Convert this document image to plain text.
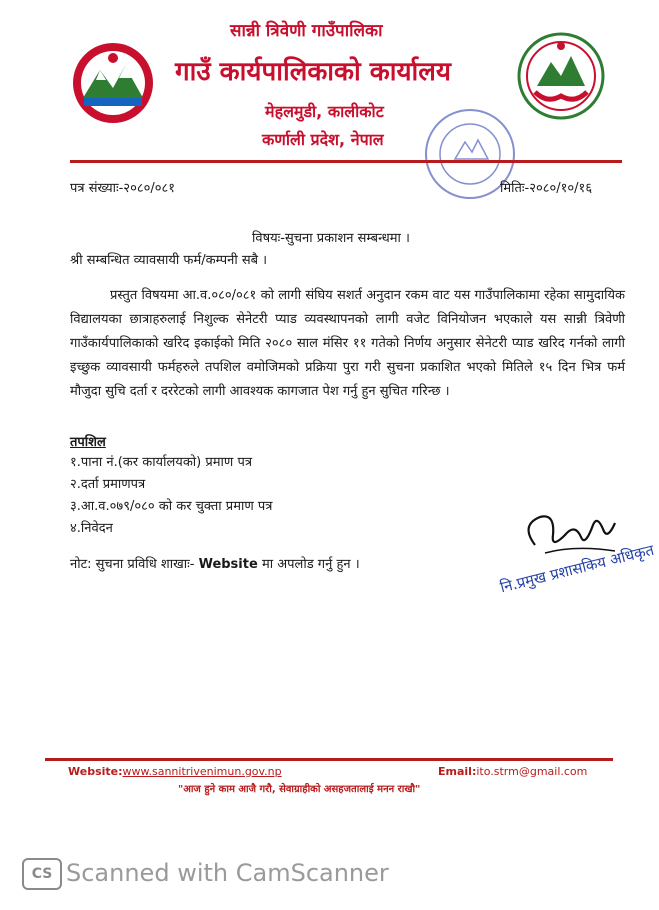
सान्नी त्रिवेणी गाउँपालिका
गाउँ कार्यपालिकाको कार्यालय
मेहलमुडी, कालीकोट
कर्णाली प्रदेश, नेपाल
पत्र संख्याः-२०८०/०८१	मितिः-२०८०/१०/१६
विषयः-सुचना प्रकाशन सम्बन्धमा ।
श्री सम्बन्धित व्यावसायी फर्म/कम्पनी सबै ।
प्रस्तुत विषयमा आ.व.०८०/०८१ को लागी संघिय सशर्त अनुदान रकम वाट यस गाउँपालिकामा रहेका सामुदायिक विद्यालयका छात्राहरुलाई निशुल्क सेनेटरी प्याड व्यवस्थापनको लागी वजेट विनियोजन भएकाले यस सान्नी त्रिवेणी गाउँकार्यपालिकाको खरिद इकाईको मिति २०८० साल मंसिर ११ गतेको निर्णय अनुसार सेनेटरी प्याड खरिद गर्नको लागी इच्छुक व्यावसायी फर्महरुले तपशिल वमोजिमको प्रक्रिया पुरा गरी सुचना प्रकाशित भएको मितिले १५ दिन भित्र फर्म मौजुदा सुचि दर्ता र दररेटको लागी आवश्यक कागजात पेश गर्नु हुन सुचित गरिन्छ ।
तपशिल
१.पाना नं.(कर कार्यालयको) प्रमाण पत्र
२.दर्ता प्रमाणपत्र
३.आ.व.०७९/०८० को कर चुक्ता प्रमाण पत्र
४.निवेदन
नोट: सुचना प्रविधि शाखाः- Website मा अपलोड गर्नु हुन ।	नि.प्रमुख प्रशासकिय अधिकृत
Website:www.sannitrivenimun.gov.np	Email:ito.strm@gmail.com
"आज हुने काम आजै गरौ, सेवाग्राहीको असहजतालाई मनन राखौ"
CS Scanned with CamScanner
